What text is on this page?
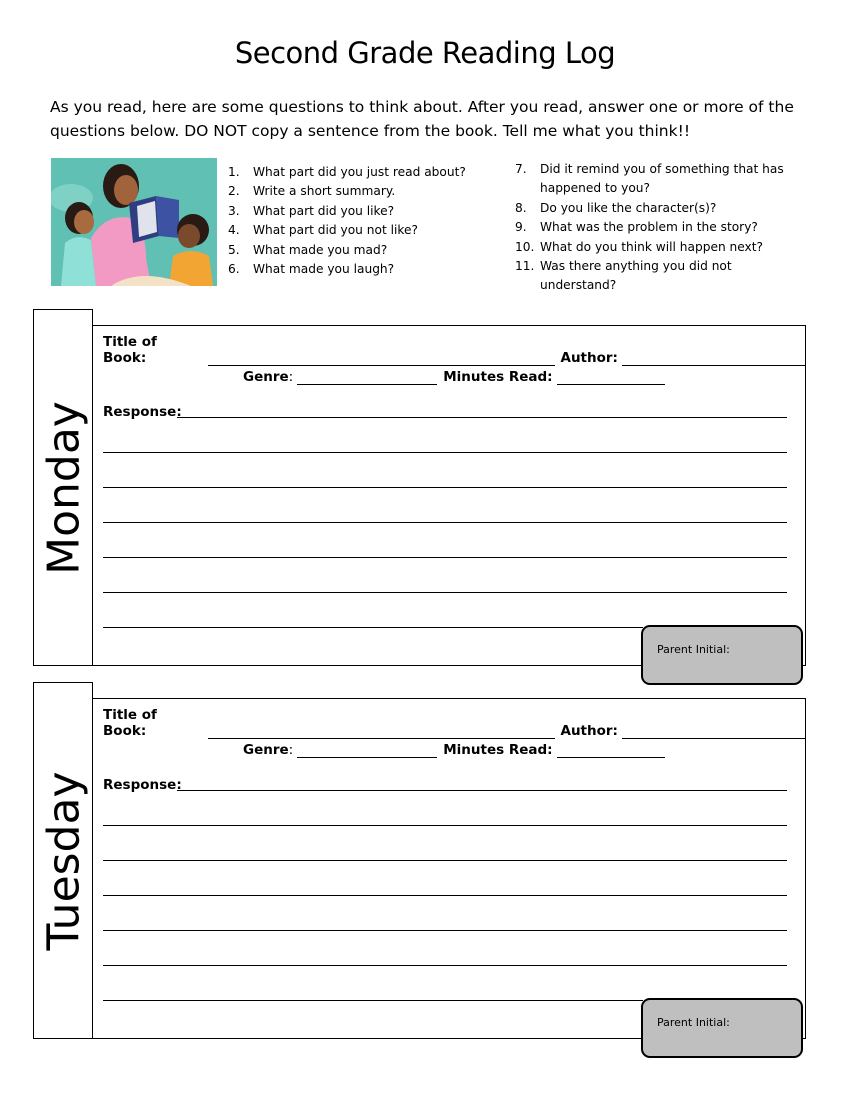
Second Grade Reading Log
As you read, here are some questions to think about. After you read, answer one or more of the questions below. DO NOT copy a sentence from the book. Tell me what you think!!
1. What part did you just read about?
2. Write a short summary.
3. What part did you like?
4. What part did you not like?
5. What made you mad?
6. What made you laugh?
7. Did it remind you of something that has happened to you?
8. Do you like the character(s)?
9. What was the problem in the story?
10. What do you think will happen next?
11. Was there anything you did not understand?
Monday
Title of Book:	Author:
Genre:	Minutes Read:
Response:
Parent Initial:
Tuesday
Title of Book:	Author:
Genre:	Minutes Read:
Response:
Parent Initial:
